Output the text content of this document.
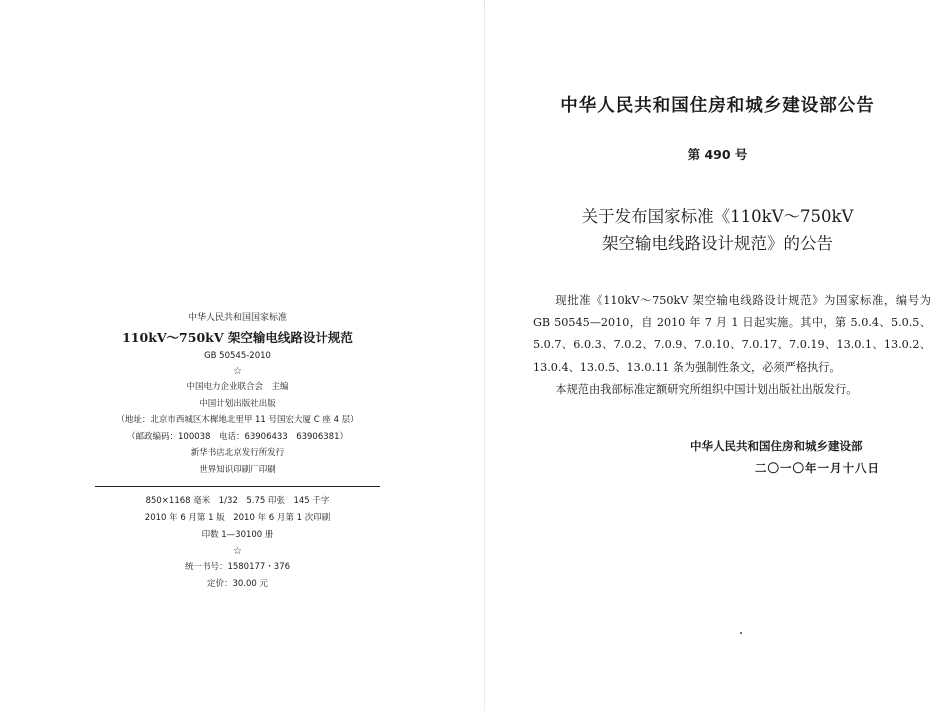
中华人民共和国国家标准
110kV～750kV 架空输电线路设计规范
GB 50545-2010
☆
中国电力企业联合会　主编
中国计划出版社出版
（地址：北京市西城区木樨地北里甲 11 号国宏大厦 C 座 4 层）
（邮政编码：100038　电话：63906433　63906381）
新华书店北京发行所发行
世界知识印刷厂印刷
850×1168 毫米　1/32　5.75 印张　145 千字
2010 年 6 月第 1 版　2010 年 6 月第 1 次印刷
印数 1—30100 册
☆
统一书号：1580177・376
定价：30.00 元
中华人民共和国住房和城乡建设部公告
第 490 号
关于发布国家标准《110kV～750kV
架空输电线路设计规范》的公告

现批准《110kV～750kV 架空输电线路设计规范》为国家标准，编号为 GB 50545—2010，自 2010 年 7 月 1 日起实施。其中，第 5.0.4、5.0.5、5.0.7、6.0.3、7.0.2、7.0.9、7.0.10、7.0.17、7.0.19、13.0.1、13.0.2、13.0.4、13.0.5、13.0.11 条为强制性条文，必须严格执行。

本规范由我部标准定额研究所组织中国计划出版社出版发行。

中华人民共和国住房和城乡建设部
二〇一〇年一月十八日
